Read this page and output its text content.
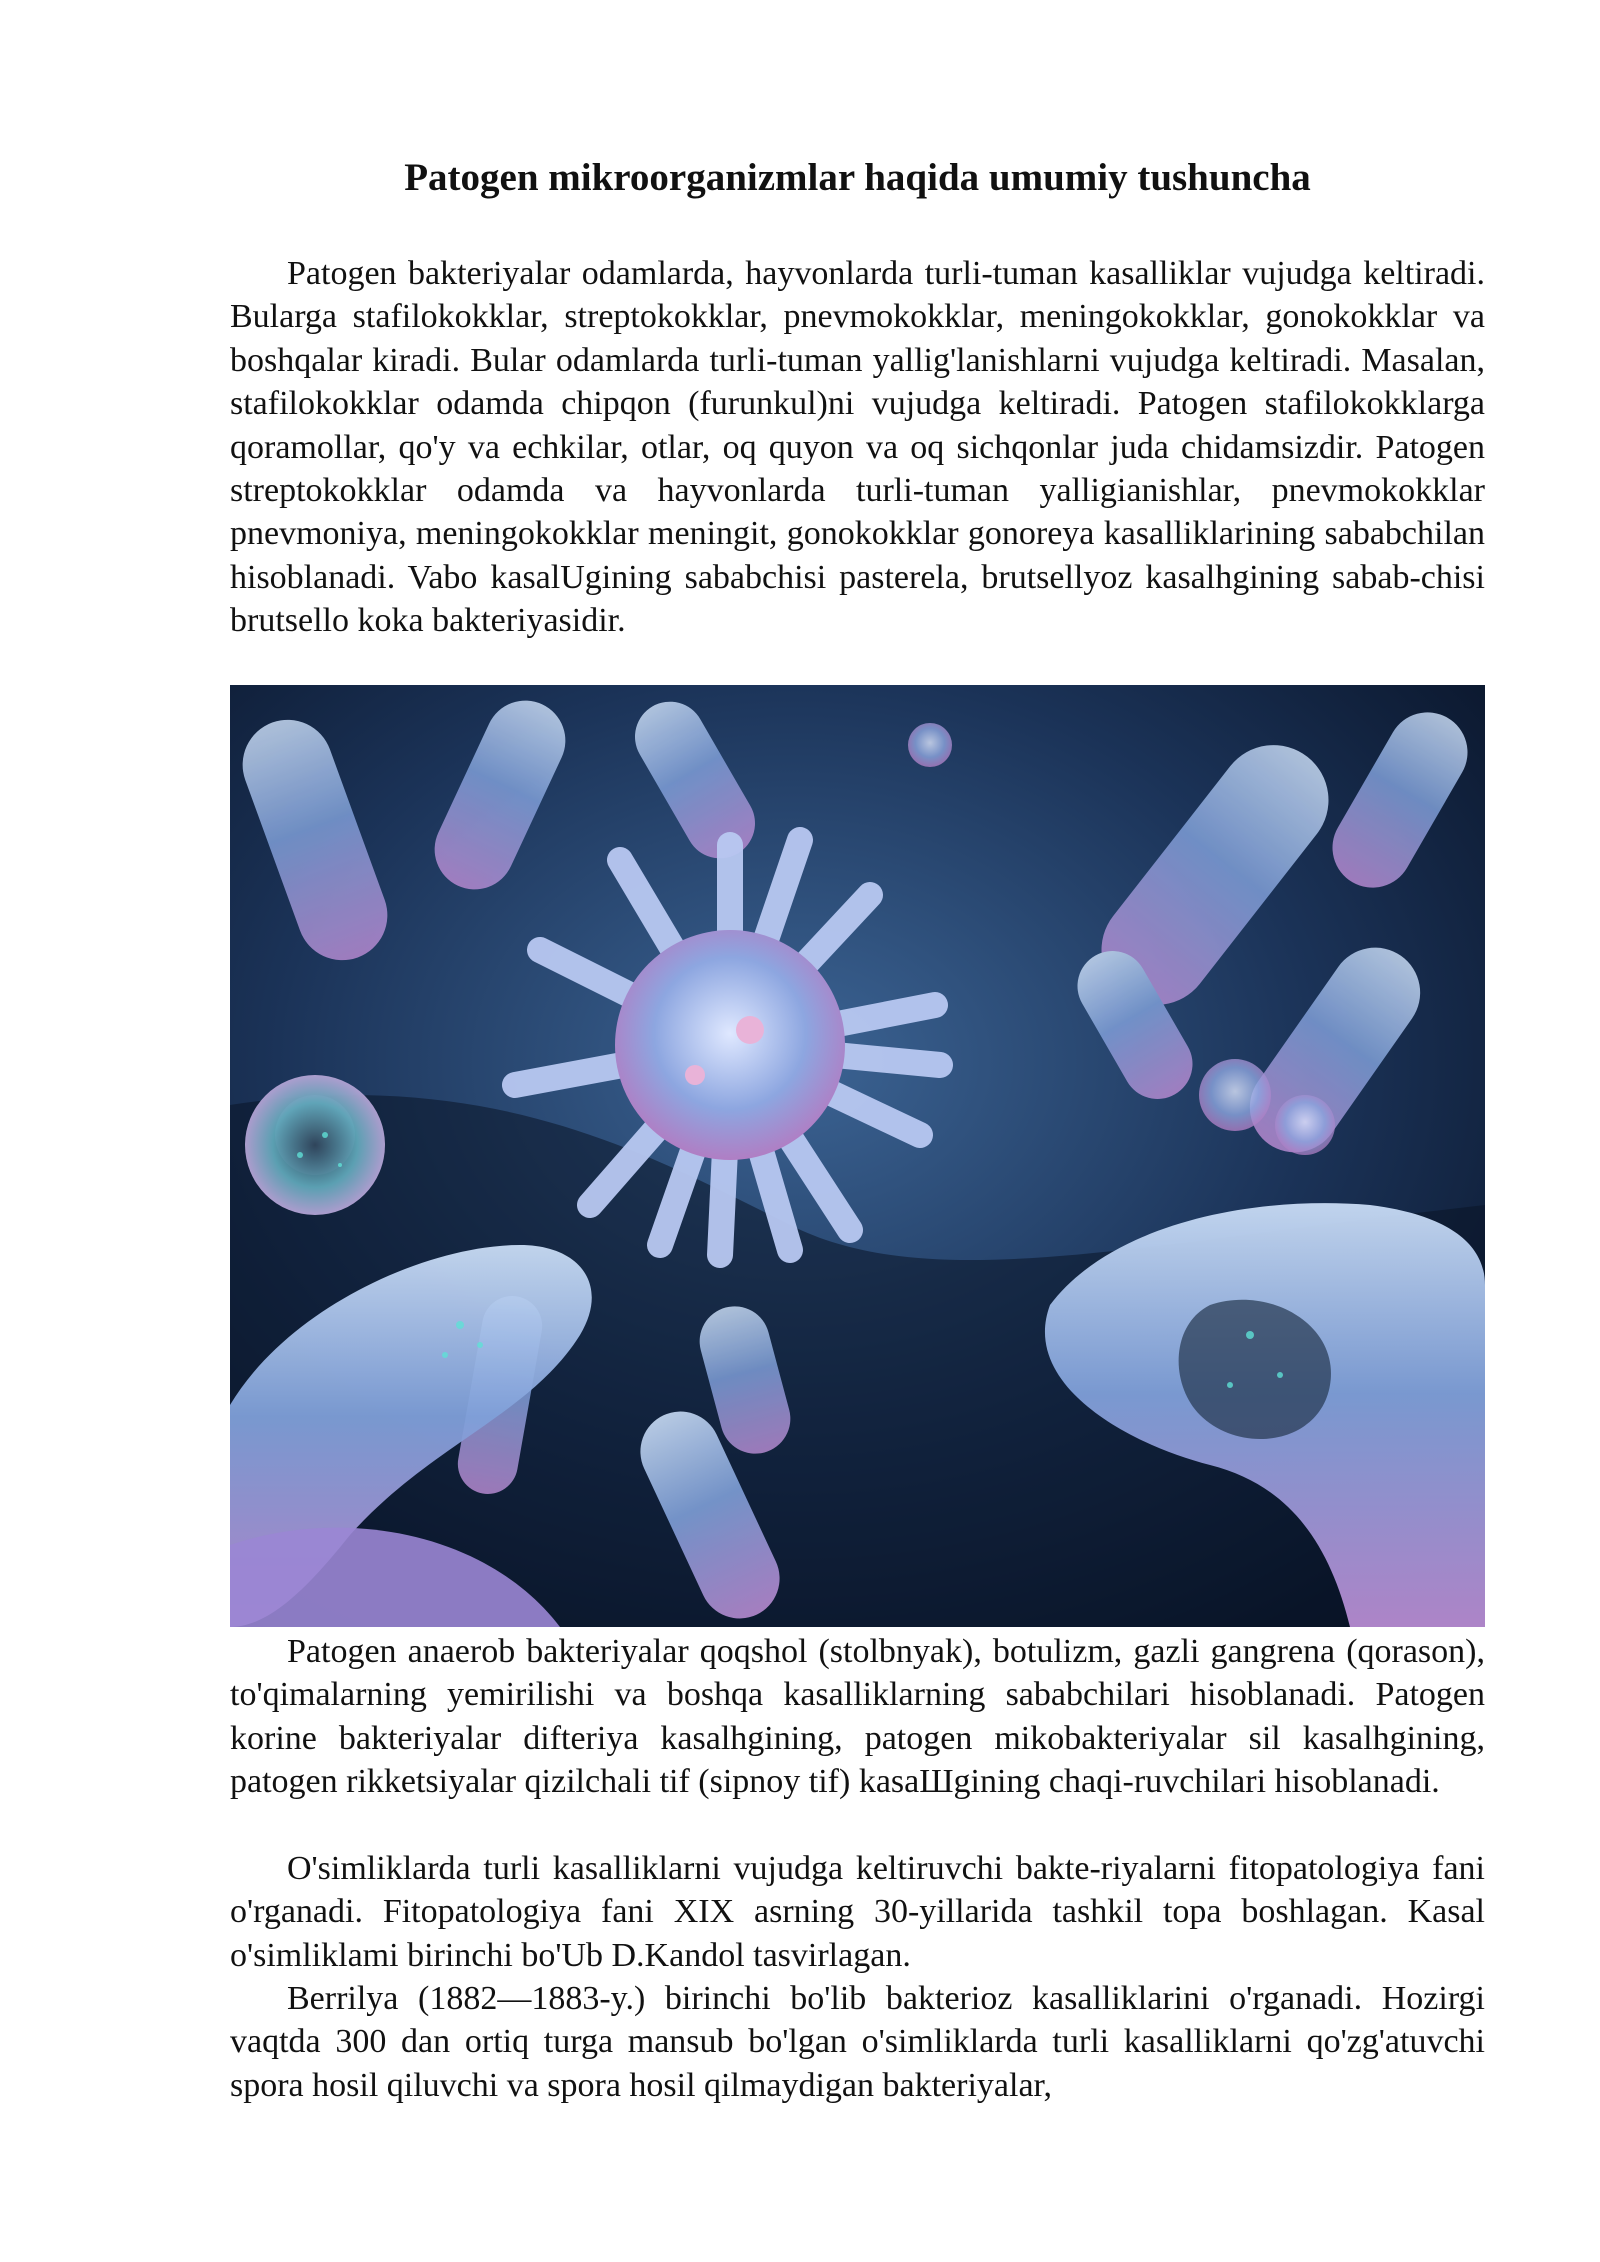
Patogen mikroorganizmlar haqida umumiy tushuncha

Patogen bakteriyalar odamlarda, hayvonlarda turli-tuman kasalliklar vujudga keltiradi. Bularga stafilokokklar, streptokokklar, pnevmokokklar, meningokokklar, gonokokklar va boshqalar kiradi. Bular odamlarda turli-tuman yallig'lanishlarni vujudga keltiradi. Masalan, stafilokokklar odamda chipqon (furunkul)ni vujudga keltiradi. Patogen stafilokokklarga qoramollar, qo'y va echkilar, otlar, oq quyon va oq sichqonlar juda chidamsizdir. Patogen streptokokklar odamda va hayvonlarda turli-tuman yalligianishlar, pnevmokokklar pnevmoniya, meningokokklar meningit, gonokokklar gonoreya kasalliklarining sababchilan hisoblanadi. Vabo kasalUgining sababchisi pasterela, brutsellyoz kasalhgining sabab-chisi brutsello koka bakteriyasidir.

Patogen anaerob bakteriyalar qoqshol (stolbnyak), botulizm, gazli gangrena (qorason), to'qimalarning yemirilishi va boshqa kasalliklarning sababchilari hisoblanadi. Patogen korine bakteriyalar difteriya kasalhgining, patogen mikobakteriyalar sil kasalhgining, patogen rikketsiyalar qizilchali tif (sipnoy tif) kasaШgining chaqi-ruvchilari hisoblanadi.

O'simliklarda turli kasalliklarni vujudga keltiruvchi bakte-riyalarni fitopatologiya fani o'rganadi. Fitopatologiya fani XIX asrning 30-yillarida tashkil topa boshlagan. Kasal o'simliklami birinchi bo'Ub D.Kandol tasvirlagan.

Berrilya (1882—1883-y.) birinchi bo'lib bakterioz kasalliklarini o'rganadi. Hozirgi vaqtda 300 dan ortiq turga mansub bo'lgan o'simliklarda turli kasalliklarni qo'zg'atuvchi spora hosil qiluvchi va spora hosil qilmaydigan bakteriyalar,
